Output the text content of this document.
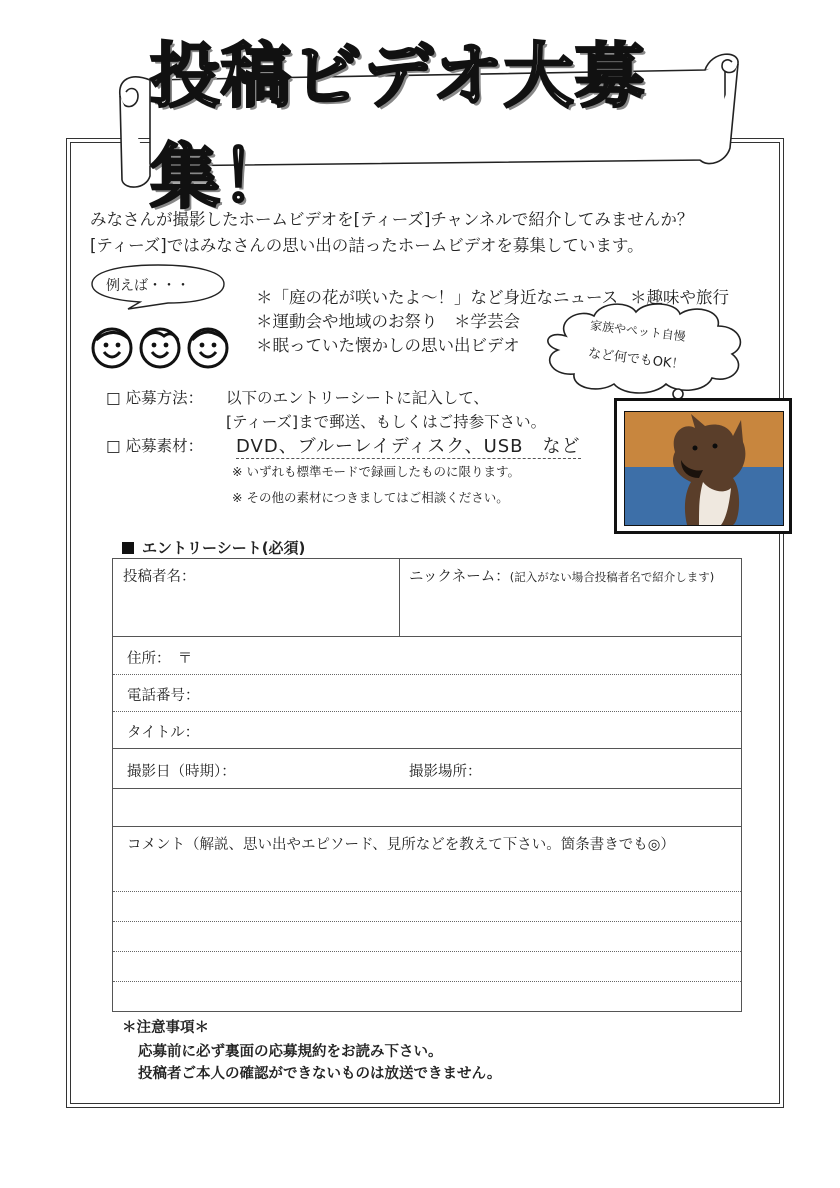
投稿ビデオ大募集！
みなさんが撮影したホームビデオを[ティーズ]チャンネルで紹介してみませんか？
[ティーズ]ではみなさんの思い出の詰ったホームビデオを募集しています。
例えば・・・
＊「庭の花が咲いたよ～！」など身近なニュース ＊趣味や旅行
＊運動会や地域のお祭り　＊学芸会
＊眠っていた懐かしの思い出ビデオ
家族やペット自慢
など何でもOK！
□ 応募方法： 以下のエントリーシートに記入して、
[ティーズ]まで郵送、もしくはご持参下さい。
□ 応募素材： DVD、ブルーレイディスク、USB　など
※ いずれも標準モードで録画したものに限ります。
※ その他の素材につきましてはご相談ください。
エントリーシート(必須)
投稿者名：	ニックネーム：(記入がない場合投稿者名で紹介します)
住所：　〒
電話番号：
タイトル：
撮影日（時期）：	撮影場所：
コメント（解説、思い出やエピソード、見所などを教えて下さい。箇条書きでも◎）
＊注意事項＊
応募前に必ず裏面の応募規約をお読み下さい。
投稿者ご本人の確認ができないものは放送できません。
